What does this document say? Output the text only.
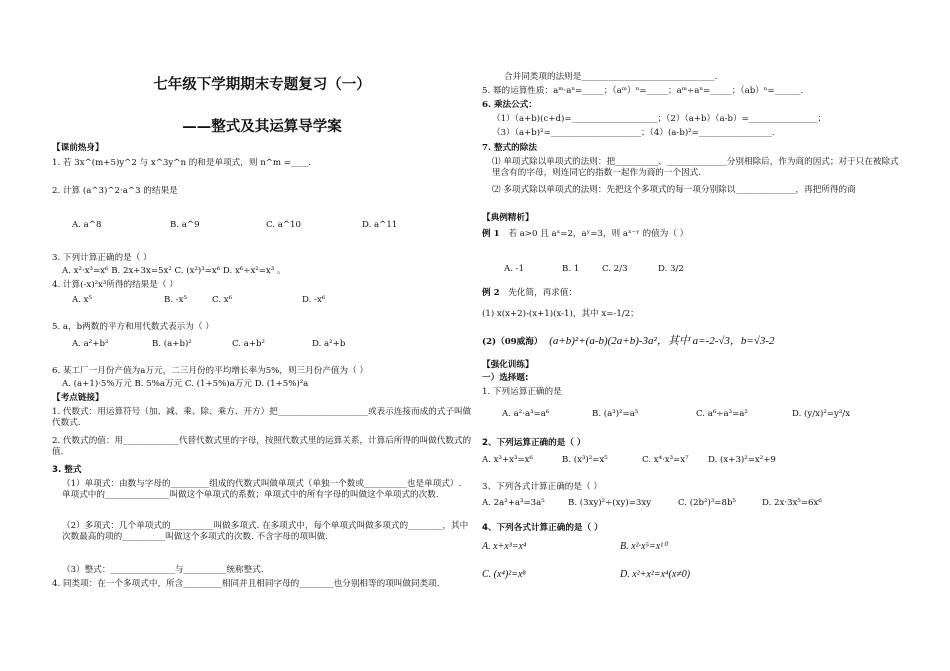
七年级下学期期末专题复习（一）
——整式及其运算导学案
【课前热身】
1. 若 3x^(m+5)y^2 与 x^3y^n 的和是单项式，则 n^m =____.
2. 计算 (a^3)^2·a^3 的结果是
A. a^8	B. a^9	C. a^10	D. a^11
3. 下列计算正确的是（ ）
A. x²·x³=x⁶ B. 2x+3x=5x² C. (x²)³=x⁶ D. x⁶÷x²=x³ 。
4. 计算(-x)²x³所得的结果是（ ）
A. x⁵	B. -x⁵	C. x⁶	D. -x⁶
5. a，b两数的平方和用代数式表示为（ ）
A. a²+b²	B. (a+b)²	C. a+b²	D. a²+b
6. 某工厂一月份产值为a万元，二三月份的平均增长率为5%，则三月份产值为（ ）
A. (a+1)·5%万元 B. 5%a万元 C. (1+5%)a万元 D. (1+5%)²a
【考点链接】
1. 代数式：用运算符号（加、减、乘、除、乘方、开方）把_____________________或表示连接而成的式子叫做代数式.
2. 代数式的值：用_____________代替代数式里的字母，按照代数式里的运算关系，计算后所得的叫做代数式的值.
3. 整式
（1）单项式：由数与字母的_________组成的代数式叫做单项式（单独一个数或__________也是单项式）. 单项式中的_______________叫做这个单项式的系数；单项式中的所有字母的叫做这个单项式的次数.
（2）多项式：几个单项式的__________叫做多项式. 在多项式中，每个单项式叫做多项式的________，其中次数最高的项的__________叫做这个多项式的次数. 不含字母的项叫做.
（3）整式：_______________与__________统称整式.
4. 同类项：在一个多项式中，所含_________相同并且相同字母的________也分别相等的项叫做同类项.
合并同类项的法则是_______________________________.
5. 幂的运算性质：aᵐ·aⁿ=_____；（aᵐ）ⁿ=_____；aᵐ÷aⁿ=_____；（ab）ⁿ=______.
6. 乘法公式：
（1）（a+b)(c+d)=____________________；（2）（a+b）（a-b）=________________；
（3）（a+b)²=_____________________；（4）(a-b)²=_________________.
7. 整式的除法
⑴ 单项式除以单项式的法则：把__________、______________分别相除后，作为商的因式；对于只在被除式里含有的字母，则连同它的指数一起作为商的一个因式.
⑵ 多项式除以单项式的法则：先把这个多项式的每一项分别除以______________，再把所得的商
【典例精析】
例 1 若 a>0 且 aˣ=2，aʸ=3，则 aˣ⁻ʸ 的值为（ ）
A. -1	B. 1	C. 2/3	D. 3/2
例 2 先化简，再求值：
(1) x(x+2)-(x+1)(x-1)，其中 x=-1/2；
(2)（09威海） (a+b)²+(a-b)(2a+b)-3a²，其中 a=-2-√3，b=√3-2
【强化训练】
一）选择题:
1. 下列运算正确的是
A. a²·a³=a⁶	B. (a³)²=a⁵	C. a⁶÷a³=a²	D. (y/x)²=y²/x
2、下列运算正确的是（ ）
A. x³+x³=x⁶	B. (x³)²=x⁵	C. x⁴·x³=x⁷ D. (x+3)²=x²+9
3、下列各式计算正确的是（ ）
A. 2a²+a³=3a⁵	B. (3xy)²÷(xy)=3xy	C. (2b²)³=8b⁵	D. 2x·3x⁵=6x⁶
4、下列各式计算正确的是（ ）
A. x+x³=x⁴	B. x²·x⁵=x¹⁰
C. (x⁴)²=x⁸	D. x²+x²=x⁴(x≠0)
